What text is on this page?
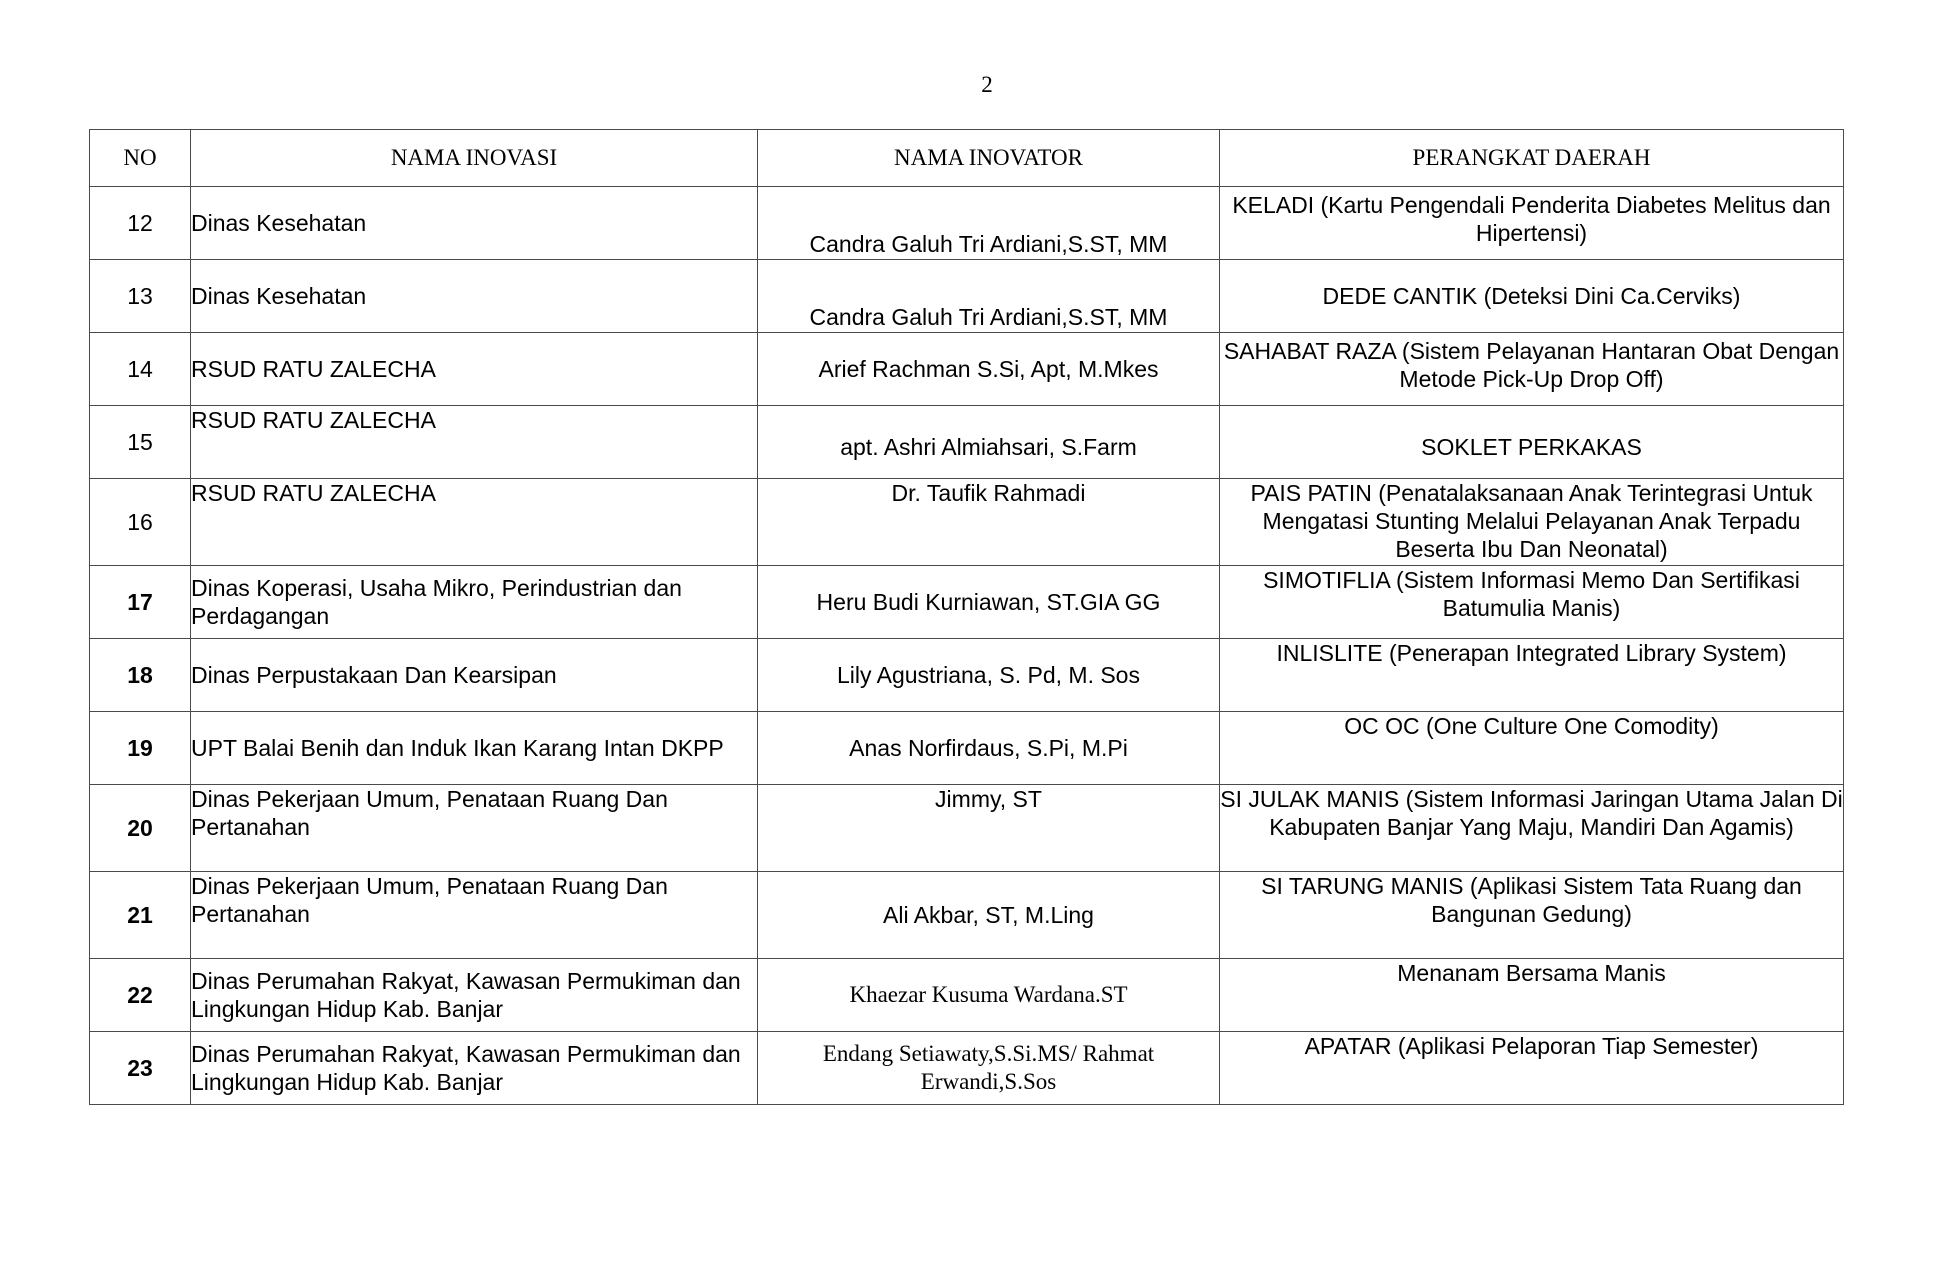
2
NO	NAMA INOVASI	NAMA INOVATOR	PERANGKAT DAERAH
12	Dinas Kesehatan	Candra Galuh Tri Ardiani,S.ST, MM	KELADI (Kartu Pengendali Penderita Diabetes Melitus dan Hipertensi)
13	Dinas Kesehatan	Candra Galuh Tri Ardiani,S.ST, MM	DEDE CANTIK (Deteksi Dini Ca.Cerviks)
14	RSUD RATU ZALECHA	Arief Rachman S.Si, Apt, M.Mkes	SAHABAT RAZA (Sistem Pelayanan Hantaran Obat Dengan Metode Pick-Up Drop Off)
15	RSUD RATU ZALECHA	apt. Ashri Almiahsari, S.Farm	SOKLET PERKAKAS
16	RSUD RATU ZALECHA	Dr. Taufik Rahmadi	PAIS PATIN (Penatalaksanaan Anak Terintegrasi Untuk Mengatasi Stunting Melalui Pelayanan Anak Terpadu Beserta Ibu Dan Neonatal)
17	Dinas Koperasi, Usaha Mikro, Perindustrian dan Perdagangan	Heru Budi Kurniawan, ST.GIA GG	SIMOTIFLIA (Sistem Informasi Memo Dan Sertifikasi Batumulia Manis)
18	Dinas Perpustakaan Dan Kearsipan	Lily Agustriana, S. Pd, M. Sos	INLISLITE (Penerapan Integrated Library System)
19	UPT Balai Benih dan Induk Ikan Karang Intan DKPP	Anas Norfirdaus, S.Pi, M.Pi	OC OC (One Culture One Comodity)
20	Dinas Pekerjaan Umum, Penataan Ruang Dan Pertanahan	Jimmy, ST	SI JULAK MANIS (Sistem Informasi Jaringan Utama Jalan Di Kabupaten Banjar Yang Maju, Mandiri Dan Agamis)
21	Dinas Pekerjaan Umum, Penataan Ruang Dan Pertanahan	Ali Akbar, ST, M.Ling	SI TARUNG MANIS (Aplikasi Sistem Tata Ruang dan Bangunan Gedung)
22	Dinas Perumahan Rakyat, Kawasan Permukiman dan Lingkungan Hidup Kab. Banjar	Khaezar Kusuma Wardana.ST	Menanam Bersama Manis
23	Dinas Perumahan Rakyat, Kawasan Permukiman dan Lingkungan Hidup Kab. Banjar	Endang Setiawaty,S.Si.MS/ Rahmat Erwandi,S.Sos	APATAR (Aplikasi Pelaporan Tiap Semester)
